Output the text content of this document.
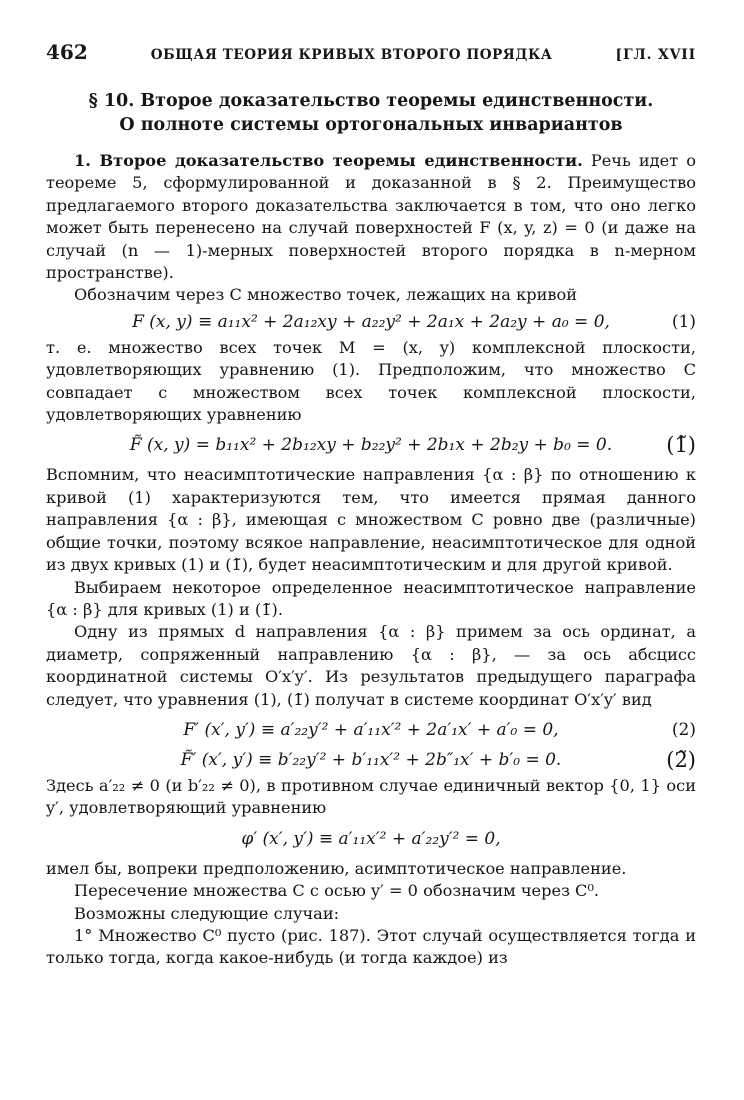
462	ОБЩАЯ ТЕОРИЯ КРИВЫХ ВТОРОГО ПОРЯДКА	[ГЛ. XVII
§ 10. Второе доказательство теоремы единственности.
О полноте системы ортогональных инвариантов

1. Второе доказательство теоремы единственности. Речь идет о теореме 5, сформулированной и доказанной в § 2. Преимущество предлагаемого второго доказательства заключается в том, что оно легко может быть перенесено на случай поверхностей F (x, y, z) = 0 (и даже на случай (n — 1)-мерных поверхностей второго порядка в n-мерном пространстве).

Обозначим через C множество точек, лежащих на кривой

F (x, y) ≡ a₁₁x² + 2a₁₂xy + a₂₂y² + 2a₁x + 2a₂y + a₀ = 0,	(1)

т. е. множество всех точек M = (x, y) комплексной плоскости, удовлетворяющих уравнению (1). Предположим, что множество C совпадает с множеством всех точек комплексной плоскости, удовлетворяющих уравнению

F̃ (x, y) = b₁₁x² + 2b₁₂xy + b₂₂y² + 2b₁x + 2b₂y + b₀ = 0.	(1̃)

Вспомним, что неасимптотические направления {α : β} по отношению к кривой (1) характеризуются тем, что имеется прямая данного направления {α : β}, имеющая с множеством C ровно две (различные) общие точки, поэтому всякое направление, неасимптотическое для одной из двух кривых (1) и (1̃), будет неасимптотическим и для другой кривой.

Выбираем некоторое определенное неасимптотическое направление {α : β} для кривых (1) и (1̃).

Одну из прямых d направления {α : β} примем за ось ординат, а диаметр, сопряженный направлению {α : β}, — за ось абсцисс координатной системы O′x′y′. Из результатов предыдущего параграфа следует, что уравнения (1), (1̃) получат в системе координат O′x′y′ вид

F′ (x′, y′) ≡ a′₂₂y′² + a′₁₁x′² + 2a′₁x′ + a′₀ = 0,	(2)
F̃′ (x′, y′) ≡ b′₂₂y′² + b′₁₁x′² + 2b″₁x′ + b′₀ = 0.	(2̃)

Здесь a′₂₂ ≠ 0 (и b′₂₂ ≠ 0), в противном случае единичный вектор {0, 1} оси y′, удовлетворяющий уравнению

φ′ (x′, y′) ≡ a′₁₁x′² + a′₂₂y′² = 0,

имел бы, вопреки предположению, асимптотическое направление.

Пересечение множества C с осью y′ = 0 обозначим через C⁰.

Возможны следующие случаи:

1° Множество C⁰ пусто (рис. 187). Этот случай осуществляется тогда и только тогда, когда какое-нибудь (и тогда каждое) из
